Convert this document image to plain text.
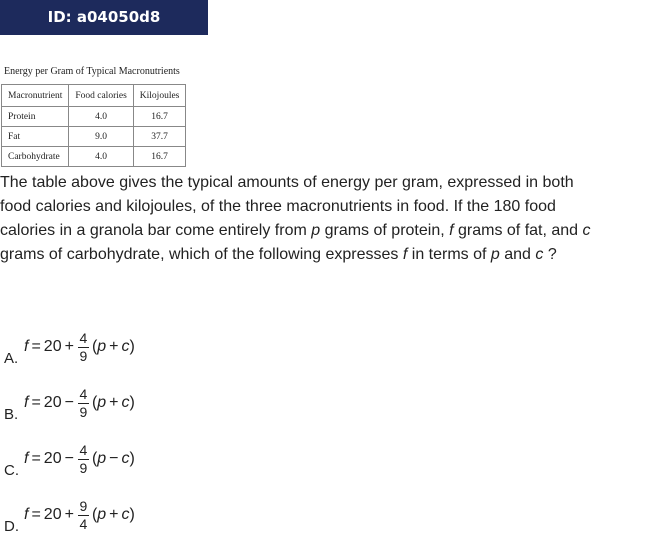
ID: a04050d8
Energy per Gram of Typical Macronutrients
Macronutrient	Food calories	Kilojoules
Protein	4.0	16.7
Fat	9.0	37.7
Carbohydrate	4.0	16.7

The table above gives the typical amounts of energy per gram, expressed in both food calories and kilojoules, of the three macronutrients in food. If the 180 food calories in a granola bar come entirely from p grams of protein, f grams of fat, and c grams of carbohydrate, which of the following expresses f in terms of p and c ?

A.
$f = 20 + \frac{4}{9}$ ( p + c )
B.
$f = 20 - \frac{4}{9}$ ( p + c )
C.
$f = 20 - \frac{4}{9}$ ( p − c )
D.
$f = 20 + \frac{9}{4}$ ( p + c )
